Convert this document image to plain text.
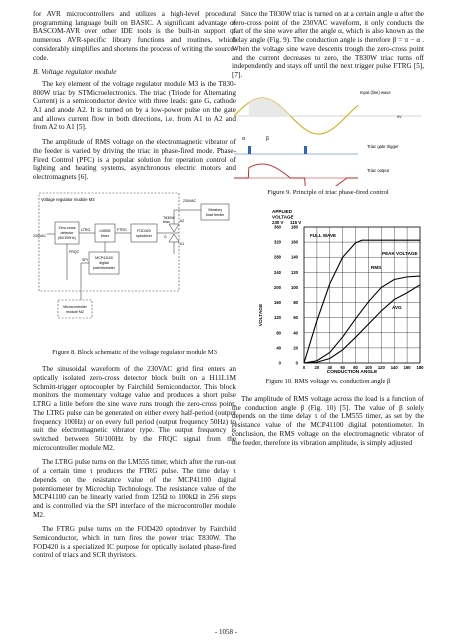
for AVR microcontrollers and utilizes a high-level procedural programming language built on BASIC. A significant advantage of BASCOM-AVR over other IDE tools is the built-in support of numerous AVR-specific library functions and routines, which considerably simplifies and shortens the process of writing the source-code.

B. Voltage regulator module

The key element of the voltage regulator module M3 is the T830-800W triac by STMicroelectronics. The triac (Triode for Alternating Current) is a semiconductor device with three leads: gate G, cathode A1 and anode A2. It is turned on by a low-power pulse on the gate and allows current flow in both directions, i.e. from A1 to A2 and from A2 to A1 [5].

The amplitude of RMS voltage on the electromagnetic vibrator of the feeder is varied by driving the triac in phase-fired mode. Phase-Fired Control (PFC) is a popular solution for operation control of lighting and heating systems, asynchronous electric motors and electromagnets [6].

Voltage regulator module M3
230VAC
Zero-cross
detector
(50/100Hz)
LTRG	LM555
timer
FTRG	FOD420
optodriver
T830W
triac	A2
A1
G
230VAC
Vibratory
bowl feeder
FRQC
MCP41100
digital
potentiometer
SPI
Microcontroller
module M2
Figure 8. Block schematic of the voltage regulator module M3

The sinusoidal waveform of the 230VAC grid first enters an optically isolated zero-cross detector block built on a H11L1M Schmitt-trigger optocoupler by Fairchild Semiconductor. This block monitors the momentary voltage value and produces a short pulse LTRG a little before the sine wave runs trough the zero-cross point. The LTRG pulse can be generated on either every half-period (output frequency 100Hz) or on every full period (output frequency 50Hz) to suit the electromagnetic vibrator type. The output frequency is switched between 50/100Hz by the FRQC signal from the microcontroller module M2.

The LTRG pulse turns on the LM555 timer, which after the run-out of a certain time τ produces the FTRG pulse. The time delay τ depends on the resistance value of the MCP41100 digital potentiometer by Microchip Technology. The resistance value of the MCP41100 can be linearly varied from 125Ω to 100kΩ in 256 steps and is controlled via the SPI interface of the microcontroller module M2.

The FTRG pulse turns on the FOD420 optodriver by Fairchild Semiconductor, which in turn fires the power triac T830W. The FOD420 is a specialized IC purpose for optically isolated phase-fired control of triacs and SCR thyristors.

Since the T830W triac is turned on at a certain angle α after the zero-cross point of the 230VAC waveform, it only conducts the part of the sine wave after the angle α, which is also known as the delay angle (Fig. 9). The conduction angle is therefore β = π − α . When the voltage sine wave descents trough the zero-cross point and the current decreases to zero, the T830W triac turns off independently and stays off until the next trigger pulse FTRG [5], [7].

Input (line) wave
0V
α	β
Triac gate trigger
Triac output
Figure 9. Principle of triac phase-fired control
APPLIED
VOLTAGE
230 V 115 V
VOLTAGE
CONDUCTION ANGLE
0 20 40 60 80 100 120 140 160 180
0	0
40	20
80	40
120	60
160	80
200 100
240 120
280 140
320 160
360 180
FULL WAVE
PEAK VOLTAGE
RMS
AVG
Figure 10. RMS voltage vs. conduction angle β

The amplitude of RMS voltage across the load is a function of the conduction angle β (Fig. 10) [5]. The value of β solely depends on the time delay τ of the LM555 timer, as set by the resistance value of the MCP41100 digital potentiometer. In conclusion, the RMS voltage on the electromagnetic vibrator of the feeder, therefore its vibration amplitude, is simply adjusted

- 1058 -
